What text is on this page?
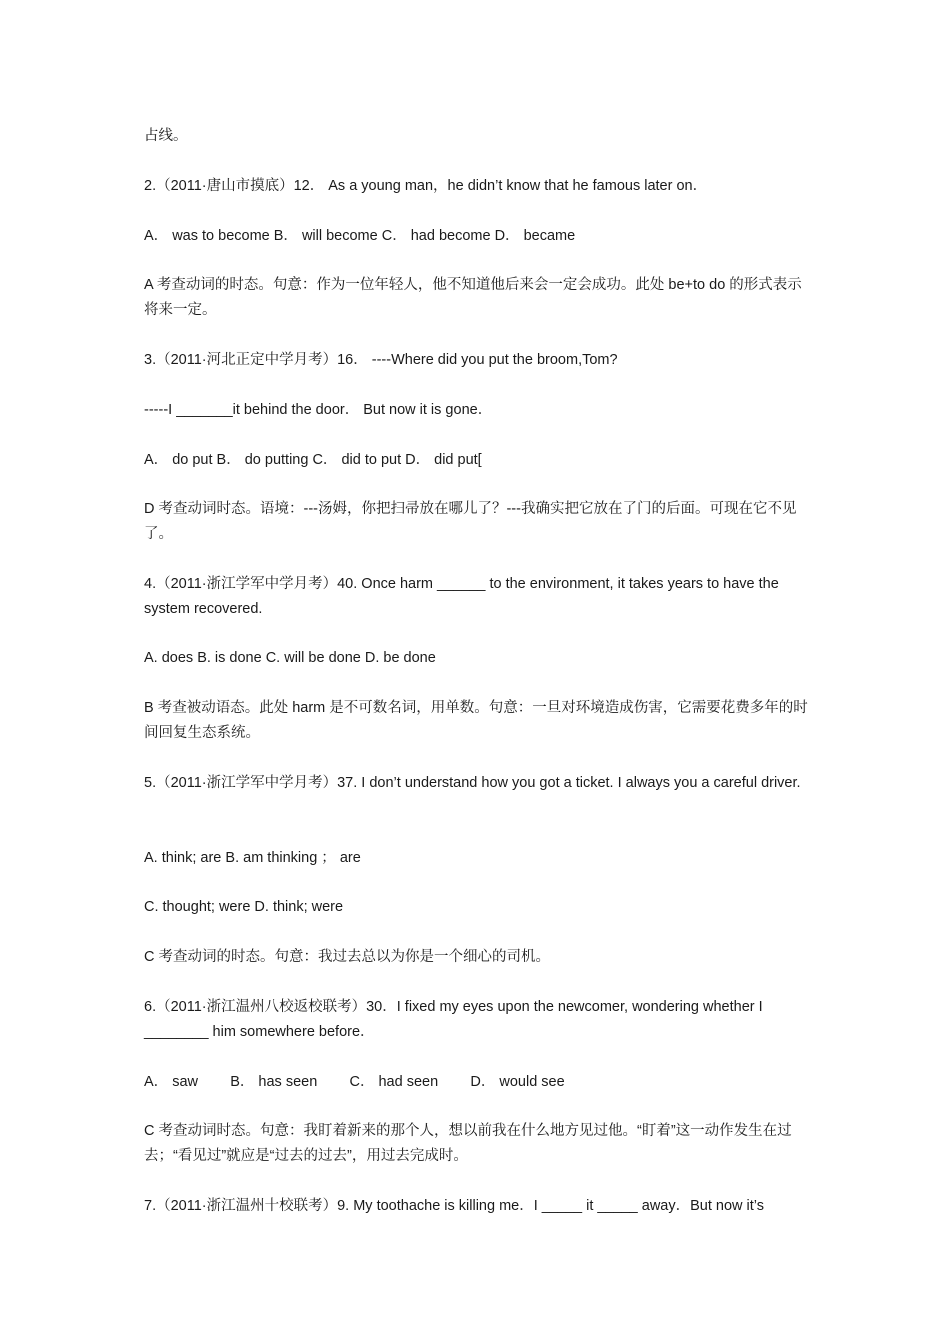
占线。

2.（2011·唐山市摸底）12． As a young man，he didn’t know that he famous later on．

A． was to become B． will become C． had become D． became

A 考查动词的时态。句意：作为一位年轻人，他不知道他后来会一定会成功。此处 be+to do 的形式表示将来一定。

3.（2011·河北正定中学月考）16． ----Where did you put the broom,Tom?

-----I _______it behind the door． But now it is gone．

A． do put B． do putting C． did to put D． did put[

D 考查动词时态。语境：---汤姆，你把扫帚放在哪儿了？---我确实把它放在了门的后面。可现在它不见了。

4.（2011·浙江学军中学月考）40. Once harm ______ to the environment, it takes years to have the system recovered.

A. does B. is done C. will be done D. be done

B 考查被动语态。此处 harm 是不可数名词，用单数。句意：一旦对环境造成伤害，它需要花费多年的时间回复生态系统。

5.（2011·浙江学军中学月考）37. I don’t understand how you got a ticket. I always you a careful driver.

A. think; are B. am thinking ； are

C. thought; were D. think; were

C 考查动词的时态。句意：我过去总以为你是一个细心的司机。

6.（2011·浙江温州八校返校联考）30．I fixed my eyes upon the newcomer, wondering whether I ________ him somewhere before．

A． saw        B． has seen        C． had seen        D． would see

C 考查动词时态。句意：我盯着新来的那个人，想以前我在什么地方见过他。“盯着”这一动作发生在过去；“看见过”就应是“过去的过去”，用过去完成时。

7.（2011·浙江温州十校联考）9. My toothache is killing me．I _____ it _____ away．But now it’s
